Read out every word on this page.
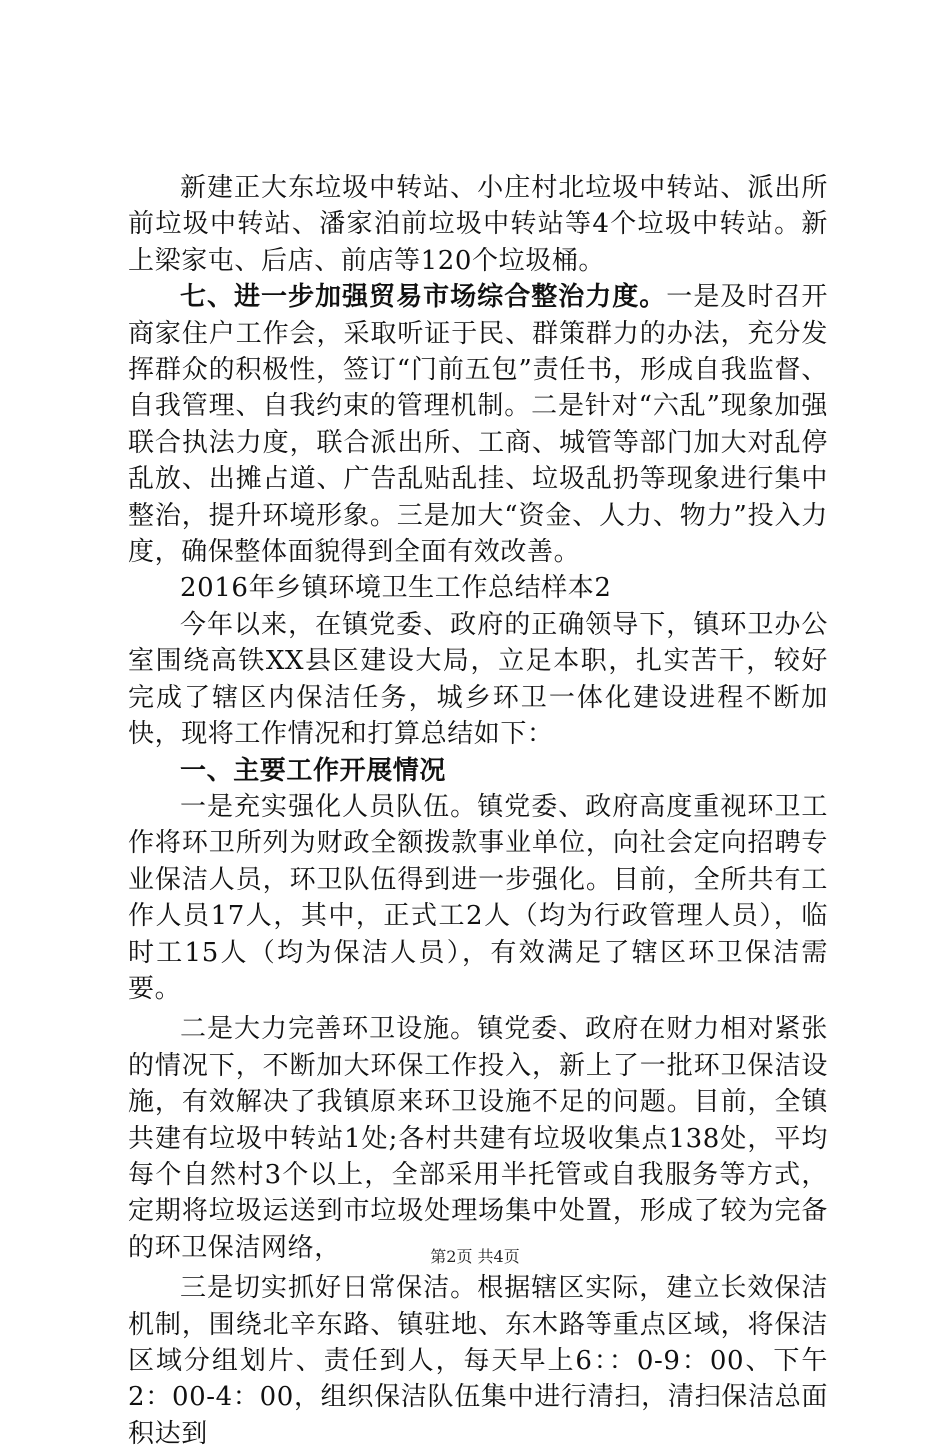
新建正大东垃圾中转站、小庄村北垃圾中转站、派出所前垃圾中转站、潘家泊前垃圾中转站等4个垃圾中转站。新上梁家屯、后店、前店等120个垃圾桶。

七、进一步加强贸易市场综合整治力度。一是及时召开商家住户工作会，采取听证于民、群策群力的办法，充分发挥群众的积极性，签订“门前五包”责任书，形成自我监督、自我管理、自我约束的管理机制。二是针对“六乱”现象加强联合执法力度，联合派出所、工商、城管等部门加大对乱停乱放、出摊占道、广告乱贴乱挂、垃圾乱扔等现象进行集中整治，提升环境形象。三是加大“资金、人力、物力”投入力度，确保整体面貌得到全面有效改善。

2016年乡镇环境卫生工作总结样本2

今年以来，在镇党委、政府的正确领导下，镇环卫办公室围绕高铁XX县区建设大局，立足本职，扎实苦干，较好完成了辖区内保洁任务，城乡环卫一体化建设进程不断加快，现将工作情况和打算总结如下：

一、主要工作开展情况

一是充实强化人员队伍。镇党委、政府高度重视环卫工作将环卫所列为财政全额拨款事业单位，向社会定向招聘专业保洁人员，环卫队伍得到进一步强化。目前，全所共有工作人员17人，其中，正式工2人（均为行政管理人员），临时工15人（均为保洁人员），有效满足了辖区环卫保洁需要。

二是大力完善环卫设施。镇党委、政府在财力相对紧张的情况下，不断加大环保工作投入，新上了一批环卫保洁设施，有效解决了我镇原来环卫设施不足的问题。目前，全镇共建有垃圾中转站1处;各村共建有垃圾收集点138处，平均每个自然村3个以上，全部采用半托管或自我服务等方式，定期将垃圾运送到市垃圾处理场集中处置，形成了较为完备的环卫保洁网络，

三是切实抓好日常保洁。根据辖区实际，建立长效保洁机制，围绕北辛东路、镇驻地、东木路等重点区域，将保洁区域分组划片、责任到人，每天早上6：：0-9：00、下午2：00-4：00，组织保洁队伍集中进行清扫，清扫保洁总面积达到

第2页 共4页
